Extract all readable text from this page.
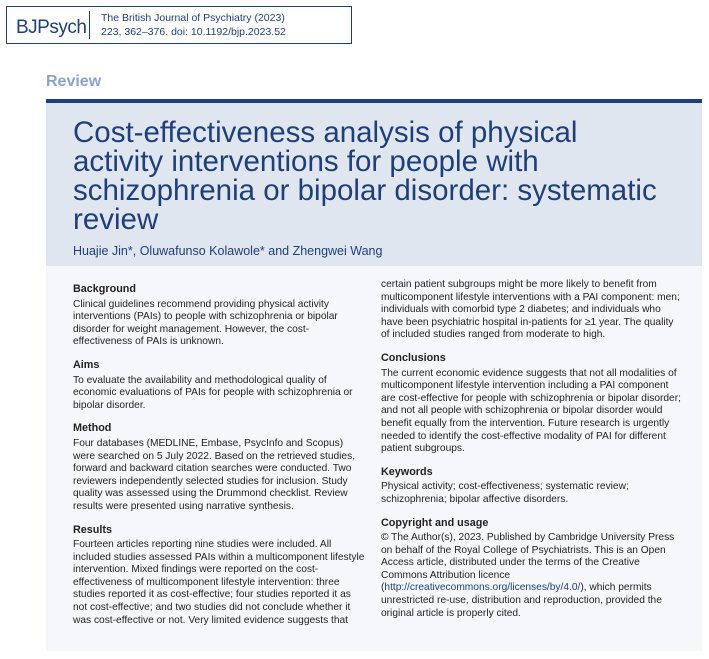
BJPsych The British Journal of Psychiatry (2023)
223, 362–376. doi: 10.1192/bjp.2023.52
Review
Cost-effectiveness analysis of physical activity interventions for people with schizophrenia or bipolar disorder: systematic review
Huajie Jin*, Oluwafunso Kolawole* and Zhengwei Wang
Background

Clinical guidelines recommend providing physical activity interventions (PAIs) to people with schizophrenia or bipolar disorder for weight management. However, the cost-effectiveness of PAIs is unknown.

Aims

To evaluate the availability and methodological quality of economic evaluations of PAIs for people with schizophrenia or bipolar disorder.

Method

Four databases (MEDLINE, Embase, PsycInfo and Scopus) were searched on 5 July 2022. Based on the retrieved studies, forward and backward citation searches were conducted. Two reviewers independently selected studies for inclusion. Study quality was assessed using the Drummond checklist. Review results were presented using narrative synthesis.

Results

Fourteen articles reporting nine studies were included. All included studies assessed PAIs within a multicomponent lifestyle intervention. Mixed findings were reported on the cost-effectiveness of multicomponent lifestyle intervention: three studies reported it as cost-effective; four studies reported it as not cost-effective; and two studies did not conclude whether it was cost-effective or not. Very limited evidence suggests that

certain patient subgroups might be more likely to benefit from multicomponent lifestyle interventions with a PAI component: men; individuals with comorbid type 2 diabetes; and individuals who have been psychiatric hospital in-patients for ≥1 year. The quality of included studies ranged from moderate to high.

Conclusions

The current economic evidence suggests that not all modalities of multicomponent lifestyle intervention including a PAI component are cost-effective for people with schizophrenia or bipolar disorder; and not all people with schizophrenia or bipolar disorder would benefit equally from the intervention. Future research is urgently needed to identify the cost-effective modality of PAI for different patient subgroups.

Keywords

Physical activity; cost-effectiveness; systematic review; schizophrenia; bipolar affective disorders.

Copyright and usage

© The Author(s), 2023. Published by Cambridge University Press on behalf of the Royal College of Psychiatrists. This is an Open Access article, distributed under the terms of the Creative Commons Attribution licence (http://creativecommons.org/licenses/by/4.0/), which permits unrestricted re-use, distribution and reproduction, provided the original article is properly cited.
